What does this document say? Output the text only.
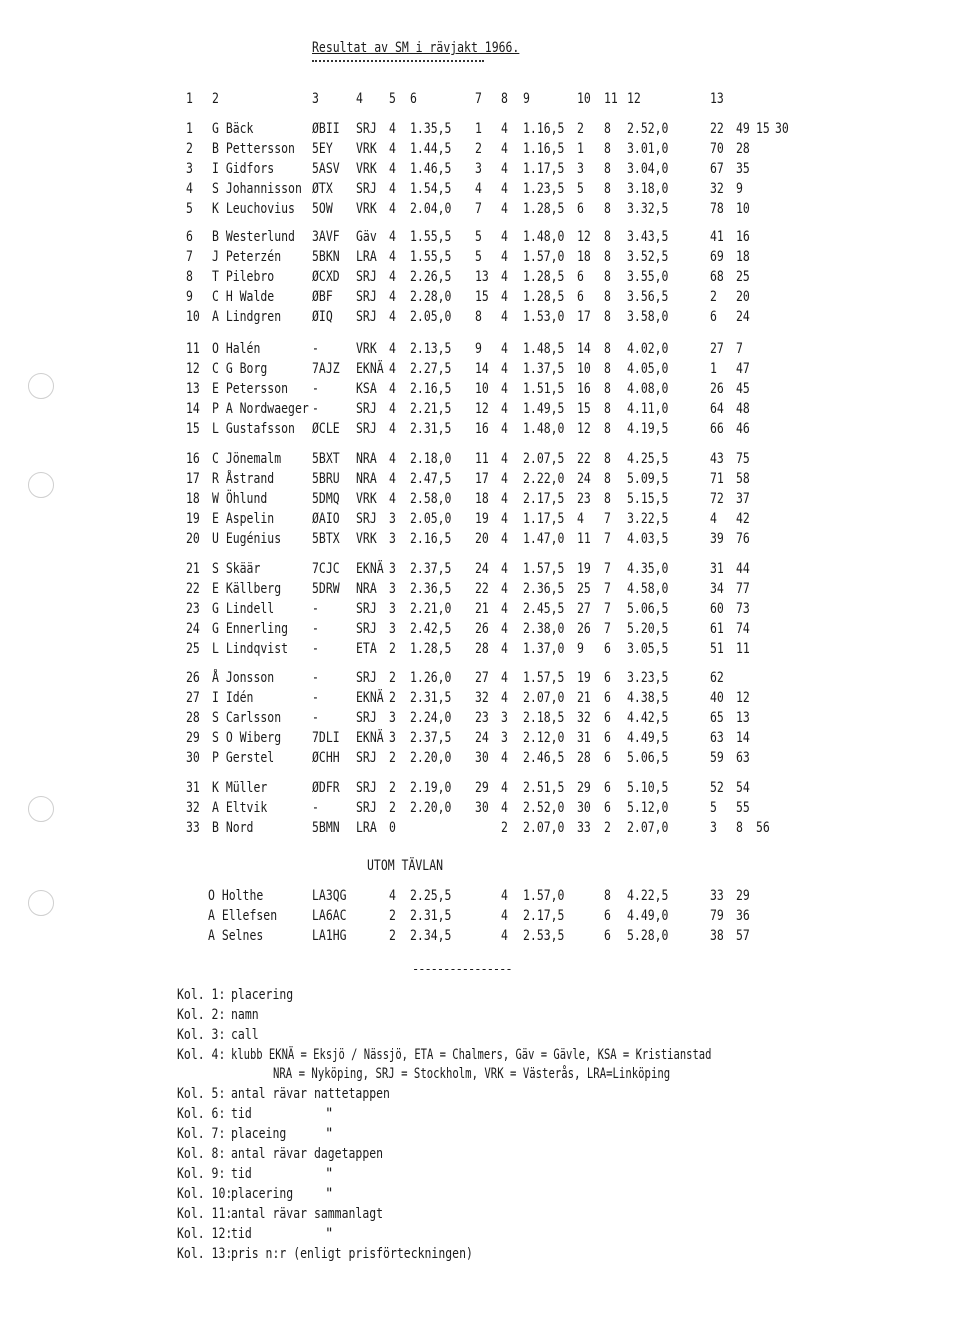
Resultat av SM i rävjakt 1966.
1 2	3	4 5 6	7 8 9	10 11 12	13
1 G Bäck	ØBII SRJ 4 1.35,5 1 4 1.16,5 2 8 2.52,0	22 49 15 30
2 B Pettersson 5EY VRK 4 1.44,5 2 4 1.16,5 1 8 3.01,0	70 28
3 I Gidfors	5ASV VRK 4 1.46,5 3 4 1.17,5 3 8 3.04,0	67 35
4 S Johannisson ØTX SRJ 4 1.54,5 4 4 1.23,5 5 8 3.18,0	32 9
5 K Leuchovius 5OW VRK 4 2.04,0 7 4 1.28,5 6 8 3.32,5	78 10
6 B Westerlund 3AVF Gäv 4 1.55,5 5 4 1.48,0 12 8 3.43,5	41 16
7 J Peterzén 5BKN LRA 4 1.55,5 5 4 1.57,0 18 8 3.52,5	69 18
8 T Pilebro	ØCXD SRJ 4 2.26,5 13 4 1.28,5 6 8 3.55,0	68 25
9 C H Walde	ØBF SRJ 4 2.28,0 15 4 1.28,5 6 8 3.56,5	2 20
10 A Lindgren ØIQ SRJ 4 2.05,0 8 4 1.53,0 17 8 3.58,0	6 24
11 O Halén	-	VRK 4 2.13,5 9 4 1.48,5 14 8 4.02,0	27 7
12 C G Borg	7AJZ EKNÄ 4 2.27,5 14 4 1.37,5 10 8 4.05,0	1 47
13 E Petersson -	KSA 4 2.16,5 10 4 1.51,5 16 8 4.08,0	26 45
14 P A Nordwaeger -	SRJ 4 2.21,5 12 4 1.49,5 15 8 4.11,0	64 48
15 L Gustafsson ØCLE SRJ 4 2.31,5 16 4 1.48,0 12 8 4.19,5	66 46
16 C Jönemalm 5BXT NRA 4 2.18,0 11 4 2.07,5 22 8 4.25,5	43 75
17 R Åstrand	5BRU NRA 4 2.47,5 17 4 2.22,0 24 8 5.09,5	71 58
18 W Öhlund	5DMQ VRK 4 2.58,0 18 4 2.17,5 23 8 5.15,5	72 37
19 E Aspelin	ØAIO SRJ 3 2.05,0 19 4 1.17,5 4 7 3.22,5	4 42
20 U Eugénius 5BTX VRK 3 2.16,5 20 4 1.47,0 11 7 4.03,5	39 76
21 S Skäär	7CJC EKNÄ 3 2.37,5 24 4 1.57,5 19 7 4.35,0	31 44
22 E Källberg 5DRW NRA 3 2.36,5 22 4 2.36,5 25 7 4.58,0	34 77
23 G Lindell	-	SRJ 3 2.21,0 21 4 2.45,5 27 7 5.06,5	60 73
24 G Ennerling -	SRJ 3 2.42,5 26 4 2.38,0 26 7 5.20,5	61 74
25 L Lindqvist -	ETA 2 1.28,5 28 4 1.37,0 9 6 3.05,5	51 11
26 Å Jonsson	-	SRJ 2 1.26,0 27 4 1.57,5 19 6 3.23,5	62
27 I Idén	-	EKNÄ 2 2.31,5 32 4 2.07,0 21 6 4.38,5	40 12
28 S Carlsson -	SRJ 3 2.24,0 23 3 2.18,5 32 6 4.42,5	65 13
29 S O Wiberg 7DLI EKNÄ 3 2.37,5 24 3 2.12,0 31 6 4.49,5	63 14
30 P Gerstel	ØCHH SRJ 2 2.20,0 30 4 2.46,5 28 6 5.06,5	59 63
31 K Müller	ØDFR SRJ 2 2.19,0 29 4 2.51,5 29 6 5.10,5	52 54
32 A Eltvik	-	SRJ 2 2.20,0 30 4 2.52,0 30 6 5.12,0	5 55
33 B Nord	5BMN LRA 0	2 2.07,0 33 2 2.07,0	3 8 56
UTOM TÄVLAN
O Holthe	LA3QG	4 2.25,5	4 1.57,0	8 4.22,5	33 29
A Ellefsen LA6AC	2 2.31,5	4 2.17,5	6 4.49,0	79 36
A Selnes	LA1HG	2 2.34,5	4 2.53,5	6 5.28,0	38 57
----------------
Kol. 1: placering
Kol. 2: namn
Kol. 3: call
Kol. 4: klubb EKNÄ = Eksjö / Nässjö, ETA = Chalmers, Gäv = Gävle, KSA = Kristianstad
NRA = Nyköping, SRJ = Stockholm, VRK = Västerås, LRA=Linköping
Kol. 5: antal rävar nattetappen
Kol. 6: tid	"
Kol. 7: placeing	"
Kol. 8: antal rävar dagetappen
Kol. 9: tid	"
Kol. 10:
placering "
Kol. 11:
antal rävar sammanlagt
Kol. 12:
tid	"
Kol. 13:
pris n:r (enligt prisförteckningen)
